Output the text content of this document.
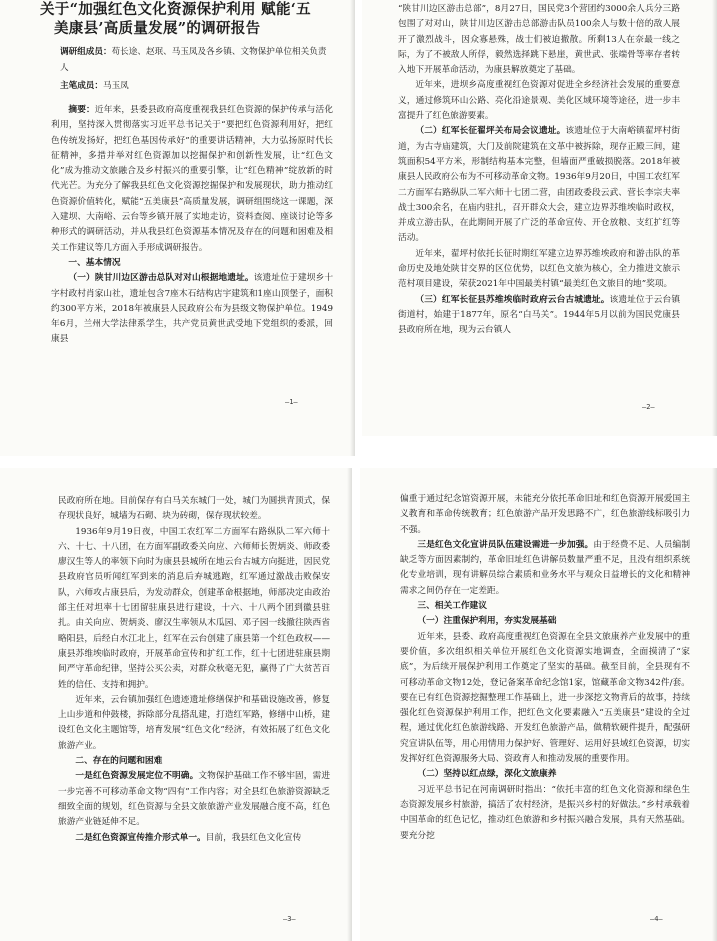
关于“加强红色文化资源保护利用 赋能‘五
美康县’高质量发展”的调研报告
调研组成员：苟长途、赵珉、马玉凤及各乡镇、文物保护单位相关负责人
主笔成员：马玉凤

摘要：近年来，县委县政府高度重视我县红色资源的保护传承与活化利用，坚持深入贯彻落实习近平总书记关于“要把红色资源利用好，把红色传统发扬好，把红色基因传承好”的重要讲话精神，大力弘扬原时代长征精神，多措并举对红色资源加以挖掘保护和创新性发展，让“红色文化”成为推动文旅融合及乡村振兴的重要引擎，让“红色精神”绽放新的时代光芒。为充分了解我县红色文化资源挖掘保护和发展现状，助力推动红色资源价值转化，赋能“五美康县”高质量发展，调研组围绕这一课题，深入建坝、大南峪、云台等乡镇开展了实地走访，资料查阅、座谈讨论等多种形式的调研活动，并从我县红色资源基本情况及存在的问题和困难及相关工作建议等几方面入手形成调研报告。

一、基本情况

（一）陕甘川边区游击总队对对山根据地遗址。该遗址位于建坝乡十字村政村肖家山社，遗址包含7座木石结构店宇建筑和1座山顶堡子，面积约300平方米，2018年被康县人民政府公布为县级文物保护单位。1949年6月，兰州大学法律系学生，共产党员黄世武受地下党组织的委派，回康县

—1—

“陕甘川边区游击总部”，8月27日，国民党3个营团约3000余人兵分三路包围了对对山，陕甘川边区游击总部游击队员100余人与数十倍的敌人展开了激烈战斗，因众寡悬殊，战士们被迫撤散。所剩13人在奈最一线之际，为了不被敌人所俘，毅然选择跳下悬崖，黄世武、张端骨等率存者转入地下开展革命活动，为康县解放奠定了基础。

近年来，进坝乡高度重视红色资源对促进全乡经济社会发展的重要意义，通过修筑环山公路、亮化沿途景观、美化区域环境等途径，进一步丰富提升了红色旅游要素。

（二）红军长征翟坪关布局会议遗址。该遗址位于大南峪镇翟坪村街道，为古寺庙建筑，大门及前院建筑在文革中被拆除，现存正殿三间，建筑面积54平方米，形制结构基本完整，但墙面严重破损脱落。2018年被康县人民政府公布为不可移动革命文物。1936年9月20日，中国工农红军二方面军右路纵队二军六师十七团二营，由团政委段云武、营长李宗夫率战士300余名，在庙内驻扎，召开群众大会，建立边界苏维埃临时政权，并成立游击队，在此期间开展了广泛的革命宣传、开仓放粮、支红扩红等活动。

近年来，翟坪村依托长征时期红军建立边界苏维埃政府和游击队的革命历史及地处陕甘交界的区位优势，以红色文旅为核心，全力推进文旅示范村项目建设，荣获2021年中国最美村镇“最美红色文旅目的地”奖项。

（三）红军长征县苏维埃临时政府云台古城遗址。该遗址位于云台镇街道村，始建于1877年，原名“白马关”。1944年5月以前为国民党康县县政府所在地，现为云台镇人

—2—

民政府所在地。目前保存有白马关东城门一处，城门为圆拱青顶式，保存现状良好，城墙为石砌、块为砖砌，保存现状较差。

1936年9月19日夜，中国工农红军二方面军右路纵队二军六师十六、十七、十八团，在方面军副政委关向应、六师师长贺炳炎、师政委廖汉生等人的率领下向时为康县县城所在地云台古城方向挺进，因民党县政府官员听闻红军到来的消息后弃城逃跑，红军通过激战击败保安队，六师攻占康县后，为发动群众，创建革命根据地，师部决定由政治部主任对坦率十七团留驻康县进行建设，十六、十八两个团到徽县驻扎。由关向应、贺炳炎、廖汉生率领从木瓜园、邓子园一线撤往陕西省略阳县，后经白水江北上，红军在云台创建了康县第一个红色政权——康县苏维埃临时政府，开展革命宣传和扩红工作，红十七团进驻康县期间严守革命纪律，坚持公买公卖，对群众秋毫无犯，赢得了广大贫苦百姓的信任、支持和拥护。

近年来，云台镇加强红色遗迹遗址修缮保护和基础设施改善，修复上山步道和仲鼓楼，拆除部分乱搭乱建，打造红军路，修缮中山桥，建设红色文化主题馆等，培育发展“红色文化”经济，有效拓展了红色文化旅游产业。

二、存在的问题和困难

一是红色资源发展定位不明确。文物保护基础工作不够牢固，需进一步完善不可移动革命文物“四有”工作内容；对全县红色旅游资源缺乏细致全面的规划，红色资源与全县文旅旅游产业发展融合度不高，红色旅游产业链延伸不足。

二是红色资源宣传推介形式单一。目前，我县红色文化宣传

—3—

偏重于通过纪念馆资源开展，未能充分依托革命旧址和红色资源开展爱国主义教育和革命传统教育；红色旅游产品开发思路不广，红色旅游线标吸引力不强。

三是红色文化宣讲员队伍建设需进一步加强。由于经费不足、人员编制缺乏等方面因素制约，革命旧址红色讲解员数量严重不足，且没有组织系统化专业培训，现有讲解员综合素质和业务水平与观众日益增长的文化和精神需求之间仍存在一定差距。

三、相关工作建议

（一）注重保护利用，夯实发展基础

近年来，县委、政府高度重视红色资源在全县文旅康养产业发展中的重要价值，多次组织相关单位开展红色文化资源实地调查，全面摸清了“家底”，为后续开展保护利用工作奠定了坚实的基础。截至目前，全县现有不可移动革命文物12处，登记备案革命纪念馆1家，馆藏革命文物342件/套。要在已有红色资源挖掘整理工作基础上，进一步深挖文物背后的故事，持续强化红色资源保护利用工作，把红色文化要素融入“五美康县”建设的全过程，通过优化红色旅游线路、开发红色旅游产品，做精软硬件提升，配强研究宣讲队伍等，用心用情用力保护好、管理好、运用好县域红色资源，切实发挥好红色资源服务大局、资政育人和推动发展的重要作用。

（二）坚持以红点绿，深化文旅康养

习近平总书记在河南调研时指出：“依托丰富的红色文化资源和绿色生态资源发展乡村旅游，搞活了农村经济，是振兴乡村的好做法。”乡村承载着中国革命的红色记忆，推动红色旅游和乡村振兴融合发展，具有天然基础。要充分挖

—4—
